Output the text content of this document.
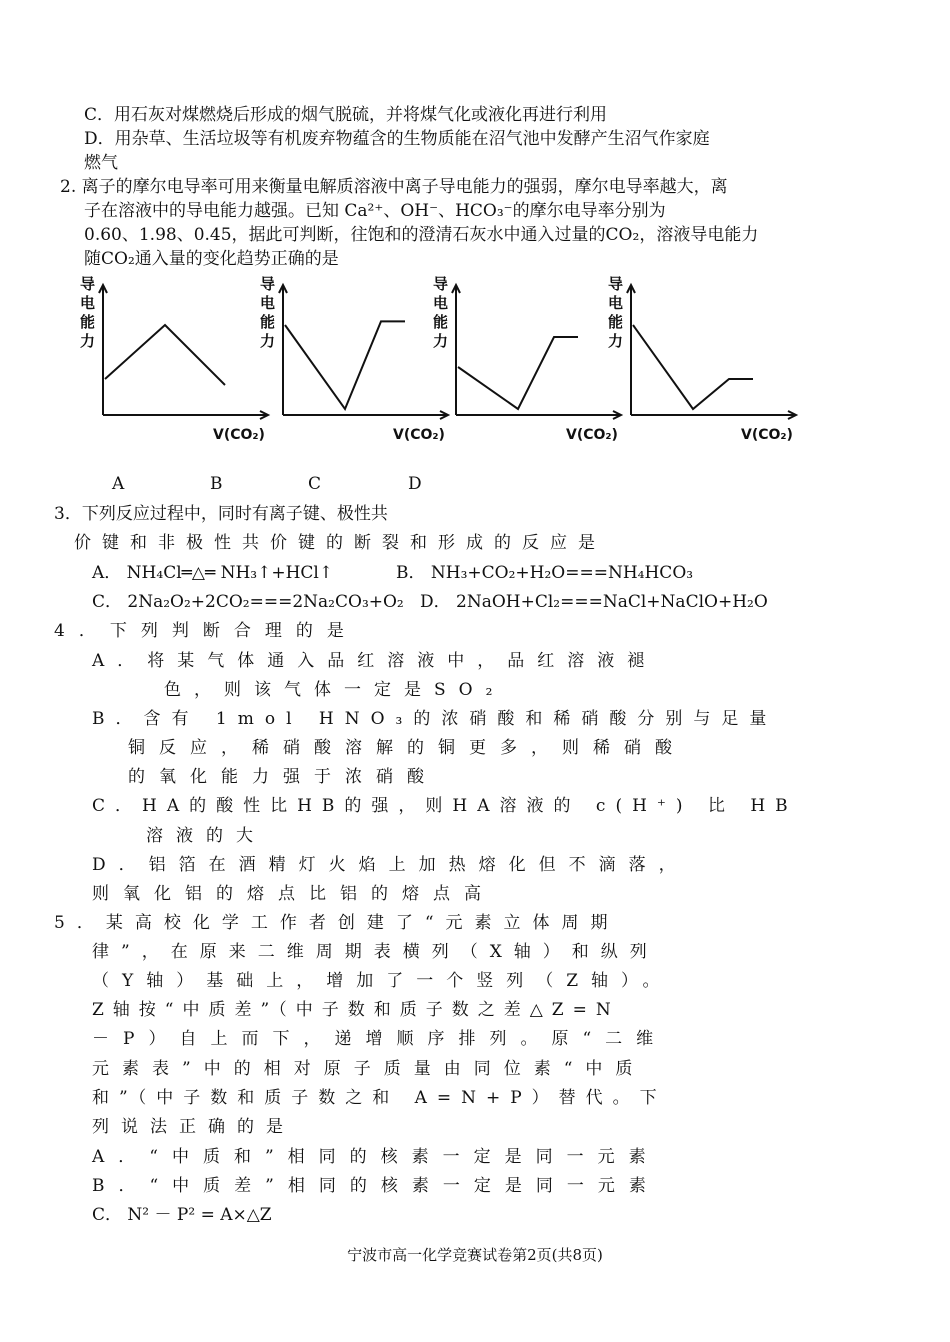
C．用石灰对煤燃烧后形成的烟气脱硫，并将煤气化或液化再进行利用
D．用杂草、生活垃圾等有机废弃物蕴含的生物质能在沼气池中发酵产生沼气作家庭
燃气
2. 离子的摩尔电导率可用来衡量电解质溶液中离子导电能力的强弱，摩尔电导率越大，离
子在溶液中的导电能力越强。已知 Ca²⁺、OH⁻、HCO₃⁻的摩尔电导率分别为
0.60、1.98、0.45，据此可判断，往饱和的澄清石灰水中通入过量的CO₂，溶液导电能力
随CO₂通入量的变化趋势正确的是
导
电
能
力
V(CO₂)
导
电
能
力
V(CO₂)
导
电
能
力
V(CO₂)
导
电
能
力
V(CO₂)
A	B	C	D
3．下列反应过程中，同时有离子键、极性共
价键和非极性共价键的断裂和形成的反应是
A． NH₄Cl═△═ NH₃↑+HCl↑	B． NH₃+CO₂+H₂O===NH₄HCO₃
C． 2Na₂O₂+2CO₂===2Na₂CO₃+O₂ D． 2NaOH+Cl₂===NaCl+NaClO+H₂O
4．下列判断合理的是
A．将某气体通入品红溶液中，品红溶液褪
色，则该气体一定是SO₂
B．含有 1mol HNO₃的浓硝酸和稀硝酸分别与足量
铜反应，稀硝酸溶解的铜更多，则稀硝酸
的氧化能力强于浓硝酸
C．HA的酸性比HB的强，则HA溶液的 c(H⁺) 比 HB
溶液的大
D．铝箔在酒精灯火焰上加热熔化但不滴落，
则氧化铝的熔点比铝的熔点高
5．某高校化学工作者创建了“元素立体周期
律”，在原来二维周期表横列（X轴）和纵列
（Y轴）基础上，增加了一个竖列（Z轴）。
Z轴按“中质差”（中子数和质子数之差△Z=N
－P）自上而下，递增顺序排列。原“二维
元素表”中的相对原子质量由同位素“中质
和”（中子数和质子数之和 A=N+P）替代。下
列说法正确的是
A．“中质和”相同的核素一定是同一元素
B．“中质差”相同的核素一定是同一元素
C． N² － P² = A×△Z
宁波市高一化学竞赛试卷第2页(共8页)
